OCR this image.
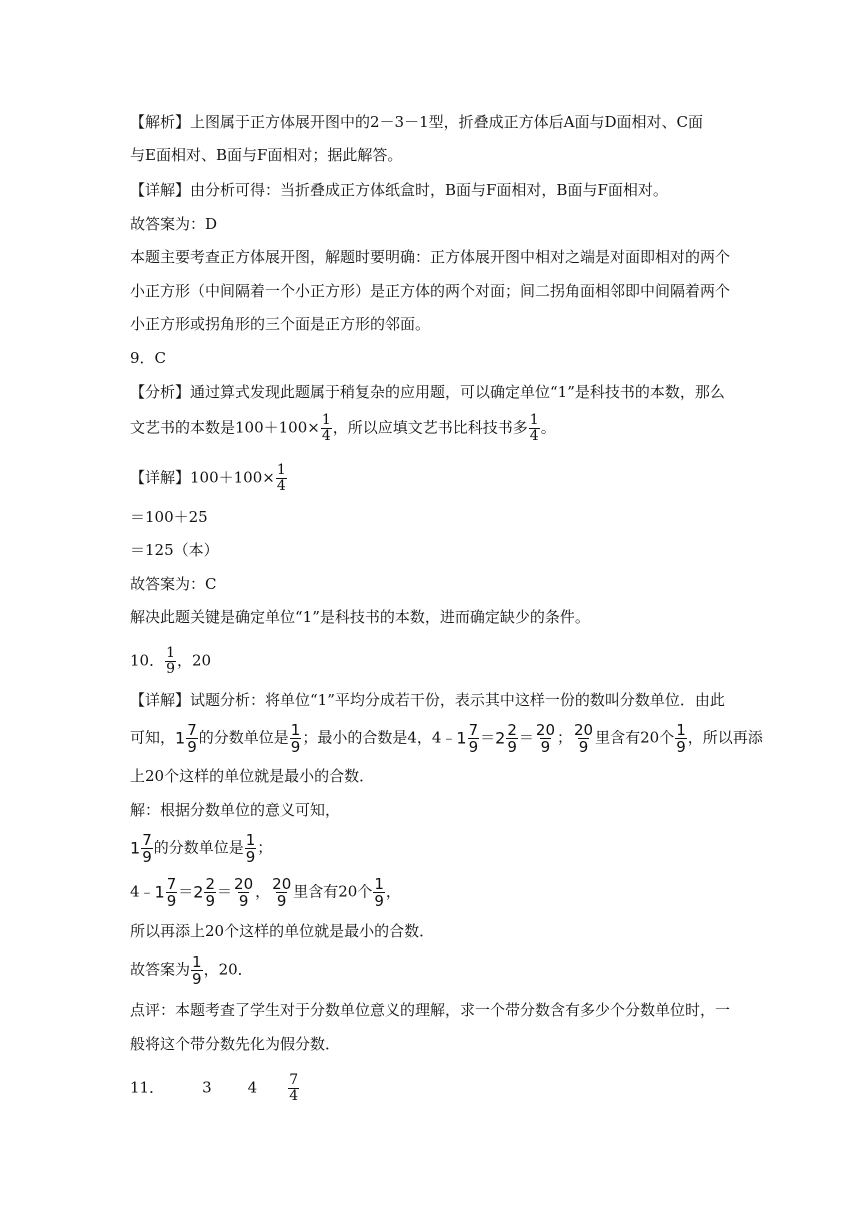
【解析】上图属于正方体展开图中的2－3－1型，折叠成正方体后A面与D面相对、C面
与E面相对、B面与F面相对；据此解答。
【详解】由分析可得：当折叠成正方体纸盒时，B面与F面相对，B面与F面相对。
故答案为：D
本题主要考查正方体展开图，解题时要明确：正方体展开图中相对之端是对面即相对的两个
小正方形（中间隔着一个小正方形）是正方体的两个对面；间二拐角面相邻即中间隔着两个
小正方形或拐角形的三个面是正方形的邻面。
9．C
【分析】通过算式发现此题属于稍复杂的应用题，可以确定单位“1”是科技书的本数，那么
文艺书的本数是$100+100\times \frac{1}{4}$ ，所以应填文艺书比科技书多 $\frac{1}{4}$ 。
【详解】$100+100\times \frac{1}{4}$
＝100＋25
＝125（本）
故答案为：C
解决此题关键是确定单位“1”是科技书的本数，进而确定缺少的条件。
10． $\frac{1}{9}$ ，20
【详解】试题分析：将单位“1”平均分成若干份，表示其中这样一份的数叫分数单位．由此
可知，$1 \frac{7}{9}$ 的分数单位是 $\frac{1}{9}$ ；最小的合数是4，4﹣1 $\frac{7}{9} =2 \frac{2}{9} = \frac{20}{9}$ ； $\frac{20}{9}$ 里含有20个 $\frac{1}{9}$ ，所以再添
上20个这样的单位就是最小的合数．
解：根据分数单位的意义可知，
$1 \frac{7}{9}$ 的分数单位是 $\frac{1}{9}$ ；
4﹣1 $\frac{7}{9} =2 \frac{2}{9} = \frac{20}{9}$ ， $\frac{20}{9}$ 里含有20个 $\frac{1}{9}$ ，
所以再添上20个这样的单位就是最小的合数．
故答案为 $\frac{1}{9}$ ，20．
点评：本题考查了学生对于分数单位意义的理解，求一个带分数含有多少个分数单位时，一
般将这个带分数先化为假分数．
11．	3 $4 \frac{7}{4}$
